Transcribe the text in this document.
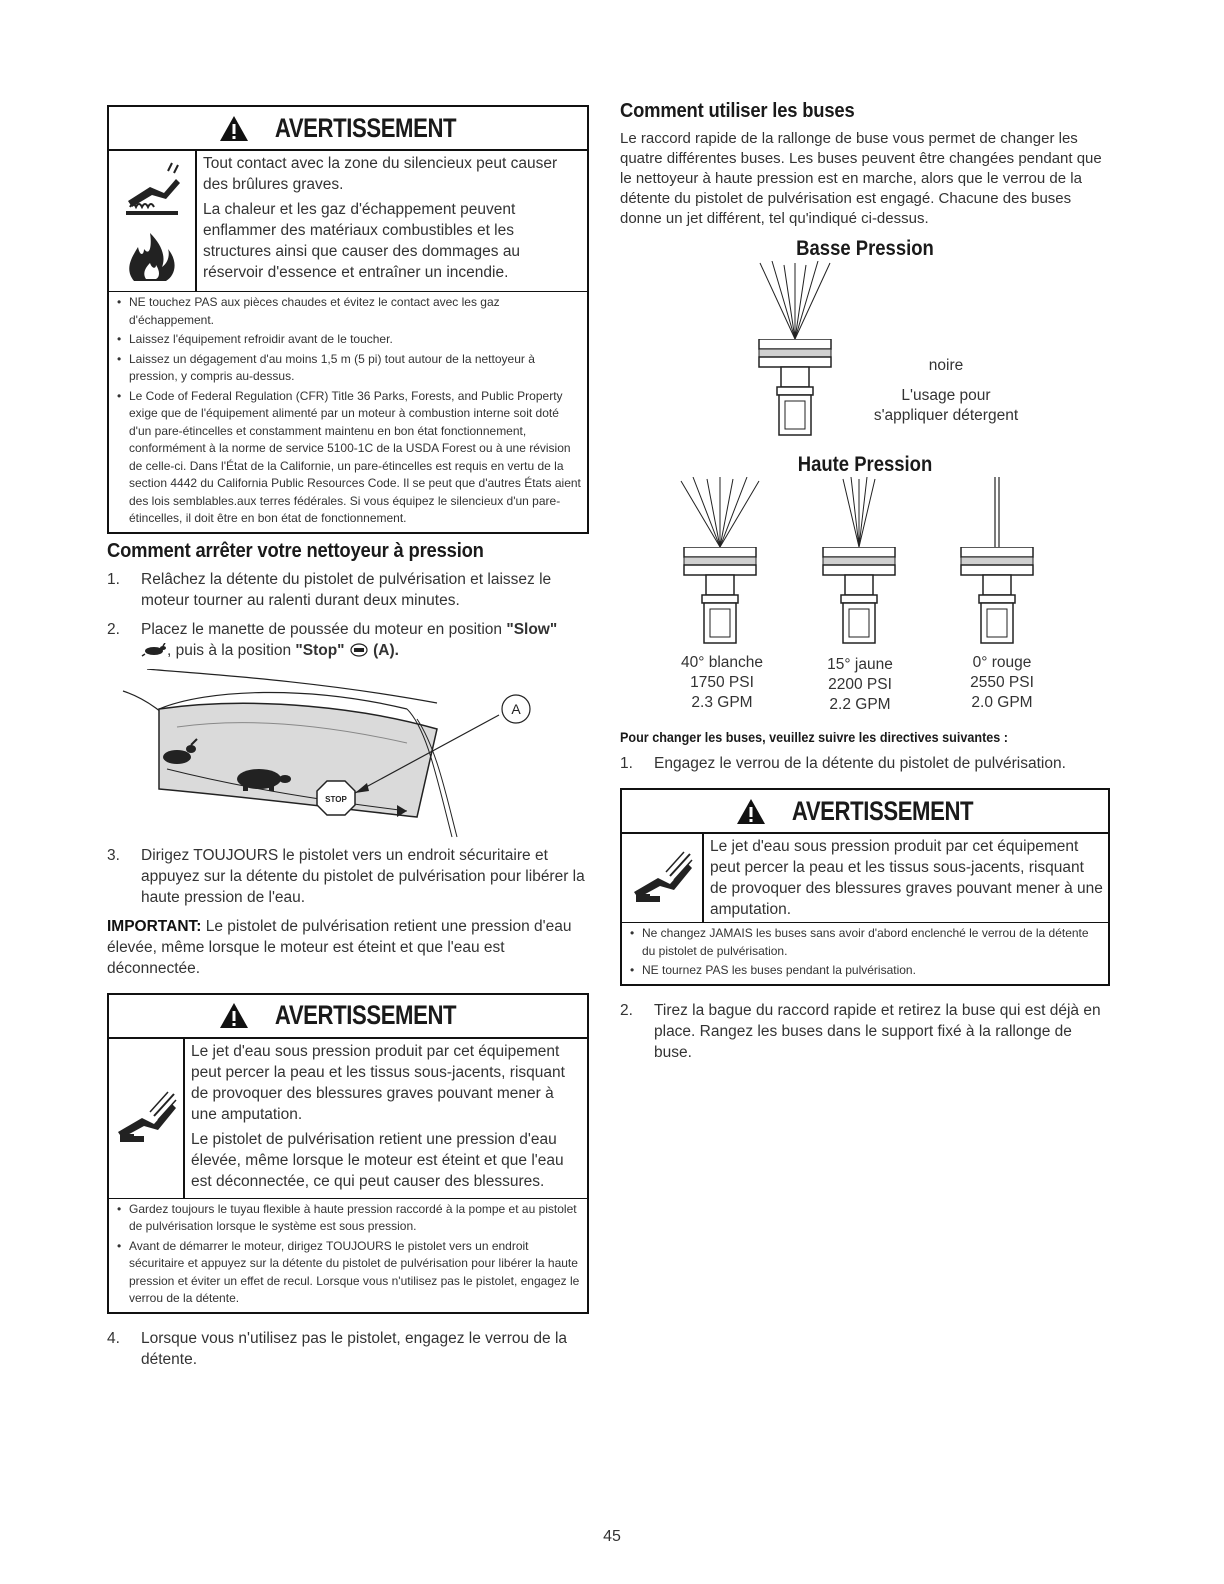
AVERTISSEMENT

Tout contact avec la zone du silencieux peut causer des brûlures graves.

La chaleur et les gaz d'échappement peuvent enflammer des matériaux combustibles et les structures ainsi que causer des dommages au réservoir d'essence et entraîner un incendie.

• NE touchez PAS aux pièces chaudes et évitez le contact avec les gaz d'échappement.
• Laissez l'équipement refroidir avant de le toucher.
• Laissez un dégagement d'au moins 1,5 m (5 pi) tout autour de la nettoyeur à pression, y compris au-dessus.
• Le Code of Federal Regulation (CFR) Title 36 Parks, Forests, and Public Property exige que de l'équipement alimenté par un moteur à combustion interne soit doté d'un pare-étincelles et constamment maintenu en bon état fonctionnement, conformément à la norme de service 5100-1C de la USDA Forest ou à une révision de celle-ci. Dans l'État de la Californie, un pare-étincelles est requis en vertu de la section 4442 du California Public Resources Code. Il se peut que d'autres États aient des lois semblables.aux terres fédérales. Si vous équipez le silencieux d'un pare-étincelles, il doit être en bon état de fonctionnement.
Comment arrêter votre nettoyeur à pression
1.	Relâchez la détente du pistolet de pulvérisation et laissez le moteur tourner au ralenti durant deux minutes.
2.	Placez le manette de poussée du moteur en position "Slow"
, puis à la position "Stop"  (A).
STOP
A
3.	Dirigez TOUJOURS le pistolet vers un endroit sécuritaire et appuyez sur la détente du pistolet de pulvérisation pour libérer la haute pression de l'eau.

IMPORTANT: Le pistolet de pulvérisation retient une pression d'eau élevée, même lorsque le moteur est éteint et que l'eau est déconnectée.

AVERTISSEMENT

Le jet d'eau sous pression produit par cet équipement peut percer la peau et les tissus sous-jacents, risquant de provoquer des blessures graves pouvant mener à une amputation.

Le pistolet de pulvérisation retient une pression d'eau élevée, même lorsque le moteur est éteint et que l'eau est déconnectée, ce qui peut causer des blessures.

• Gardez toujours le tuyau flexible à haute pression raccordé à la pompe et au pistolet de pulvérisation lorsque le système est sous pression.
• Avant de démarrer le moteur, dirigez TOUJOURS le pistolet vers un endroit sécuritaire et appuyez sur la détente du pistolet de pulvérisation pour libérer la haute pression et éviter un effet de recul. Lorsque vous n'utilisez pas le pistolet, engagez le verrou de la détente.
4.	Lorsque vous n'utilisez pas le pistolet, engagez le verrou de la détente.
Comment utiliser les buses

Le raccord rapide de la rallonge de buse vous permet de changer les quatre différentes buses. Les buses peuvent être changées pendant que le nettoyeur à haute pression est en marche, alors que le verrou de la détente du pistolet de pulvérisation est engagé. Chacune des buses donne un jet différent, tel qu'indiqué ci-dessus.

Basse Pression
noire
L'usage pour
s'appliquer détergent
Haute Pression
40° blanche
1750 PSI
2.3 GPM
15° jaune
2200 PSI
2.2 GPM
0° rouge
2550 PSI
2.0 GPM
Pour changer les buses, veuillez suivre les directives suivantes :
1.	Engagez le verrou de la détente du pistolet de pulvérisation.
AVERTISSEMENT

Le jet d'eau sous pression produit par cet équipement peut percer la peau et les tissus sous-jacents, risquant de provoquer des blessures graves pouvant mener à une amputation.

• Ne changez JAMAIS les buses sans avoir d'abord enclenché le verrou de la détente du pistolet de pulvérisation.
• NE tournez PAS les buses pendant la pulvérisation.
2.	Tirez la bague du raccord rapide et retirez la buse qui est déjà en place. Rangez les buses dans le support fixé à la rallonge de buse.
45
